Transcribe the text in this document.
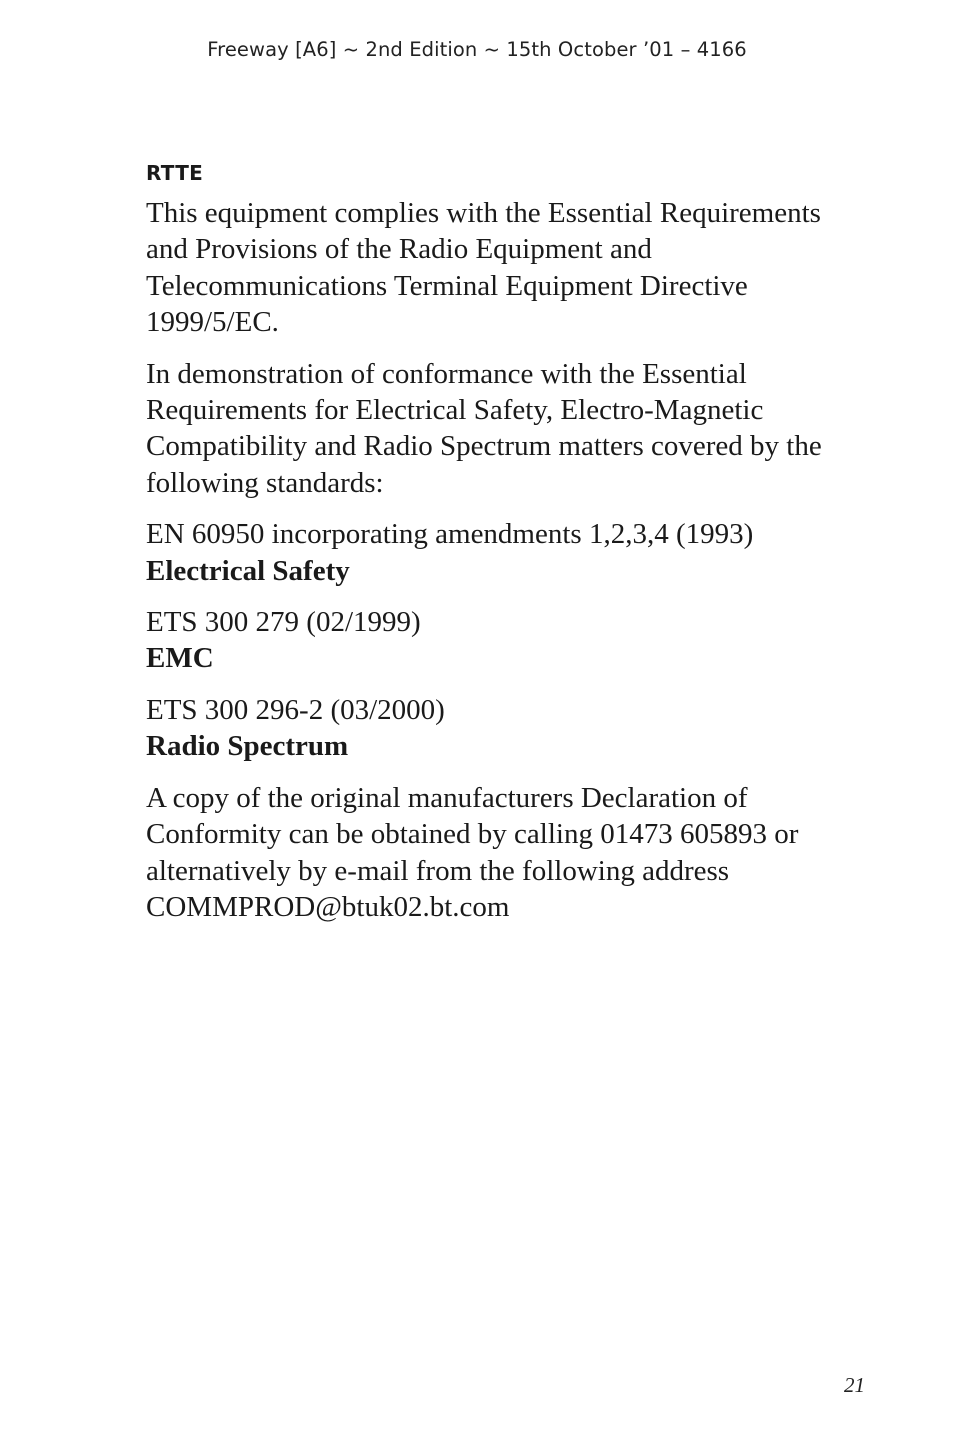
Freeway [A6] ~ 2nd Edition ~ 15th October ’01 – 4166
RTTE

This equipment complies with the Essential Requirements and Provisions of the Radio Equipment and Telecommunications Terminal Equipment Directive 1999/5/EC.

In demonstration of conformance with the Essential Requirements for Electrical Safety, Electro-Magnetic Compatibility and Radio Spectrum matters covered by the following standards:

EN 60950 incorporating amendments 1,2,3,4 (1993)
Electrical Safety
ETS 300 279 (02/1999)
EMC
ETS 300 296-2 (03/2000)
Radio Spectrum

A copy of the original manufacturers Declaration of Conformity can be obtained by calling 01473 605893 or alternatively by e-mail from the following address COMMPROD@btuk02.bt.com

21
